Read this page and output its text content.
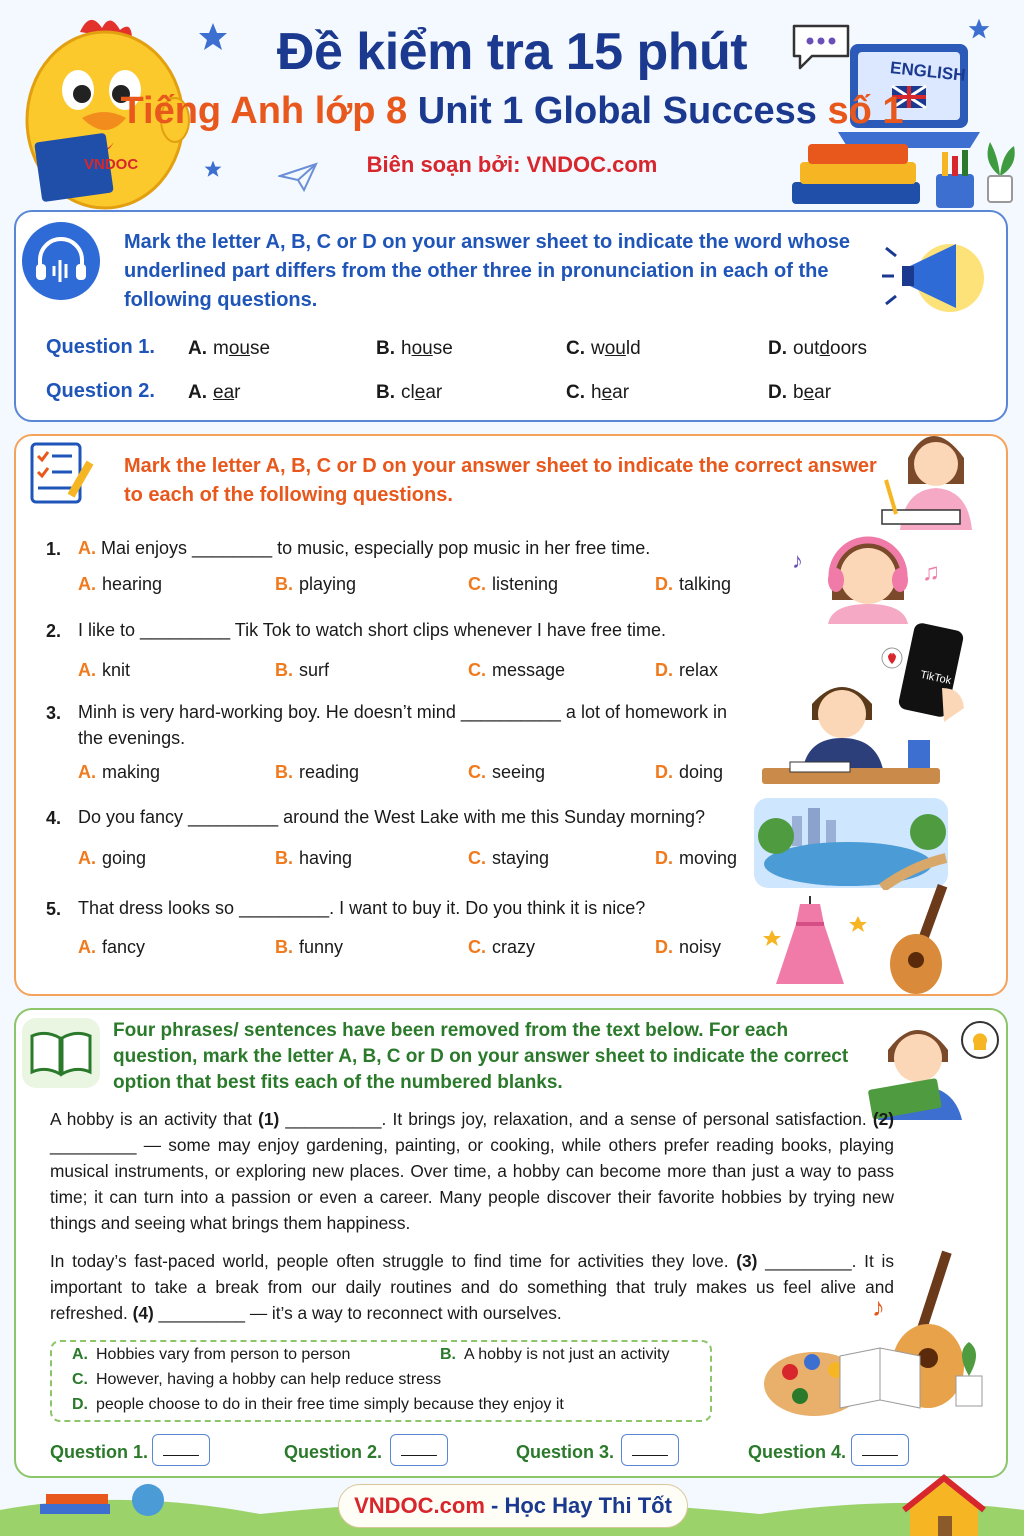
VNDOC
ENGLISH
Đề kiểm tra 15 phút
Tiếng Anh lớp 8 Unit 1 Global Success số 1
Biên soạn bởi: VNDOC.com
Mark the letter A, B, C or D on your answer sheet to indicate the word whose underlined part differs from the other three in pronunciation in each of the following questions.
Question 1. A. mouse	B. house	C. would	D. outdoors
Question 2. A. ear	B. clear	C. hear	D. bear
Mark the letter A, B, C or D on your answer sheet to indicate the correct answer to each of the following questions.
♪	♫
TikTok
1. A. Mai enjoys ________ to music, especially pop music in her free time.
A. hearing	B. playing	C. listening	D. talking
2. I like to _________ Tik Tok to watch short clips whenever I have free time.
A. knit	B. surf	C. message	D. relax
3. Minh is very hard-working boy. He doesn’t mind __________ a lot of homework in the evenings.
A. making	B. reading	C. seeing	D. doing
4. Do you fancy _________ around the West Lake with me this Sunday morning?
A. going	B. having	C. staying	D. moving
5. That dress looks so _________. I want to buy it. Do you think it is nice?
A. fancy	B. funny	C. crazy	D. noisy
Four phrases/ sentences have been removed from the text below. For each question, mark the letter A, B, C or D on your answer sheet to indicate the correct option that best fits each of the numbered blanks.

A hobby is an activity that (1) __________. It brings joy, relaxation, and a sense of personal satisfaction. (2) _________ — some may enjoy gardening, painting, or cooking, while others prefer reading books, playing musical instruments, or exploring new places. Over time, a hobby can become more than just a way to pass time; it can turn into a passion or even a career. Many people discover their favorite hobbies by trying new things and seeing what brings them happiness.

In today’s fast-paced world, people often struggle to find time for activities they love. (3) _________. It is important to take a break from our daily routines and do something that truly makes us feel alive and refreshed. (4) _________ — it’s a way to reconnect with ourselves.

A. Hobbies vary from person to person	B. A hobby is not just an activity
C. However, having a hobby can help reduce stress
D. people choose to do in their free time simply because they enjoy it
♪
Question 1. ____	Question 2.	____	Question 3.	____	Question 4.	____
VNDOC.com - Học Hay Thi Tốt
